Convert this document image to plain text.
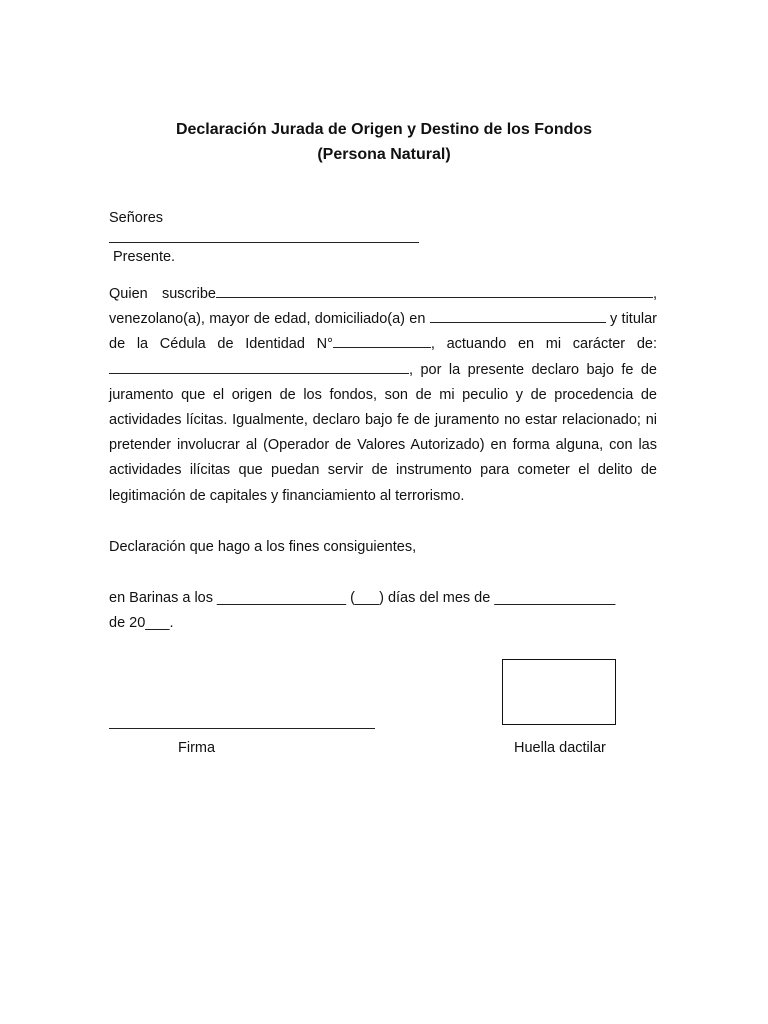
Declaración Jurada de Origen y Destino de los Fondos
(Persona Natural)
Señores
Presente.

Quien suscribe	, venezolano(a), mayor de edad, domiciliado(a) en	y titular de la Cédula de Identidad N°	, actuando en mi carácter de: , por la presente declaro bajo fe de juramento que el origen de los fondos, son de mi peculio y de procedencia de actividades lícitas. Igualmente, declaro bajo fe de juramento no estar relacionado; ni pretender involucrar al (Operador de Valores Autorizado) en forma alguna, con las actividades ilícitas que puedan servir de instrumento para cometer el delito de legitimación de capitales y financiamiento al terrorismo.

Declaración que hago a los fines consiguientes,
en Barinas a los ________________ (___) días del mes de _______________
de 20___.
Firma	Huella dactilar
